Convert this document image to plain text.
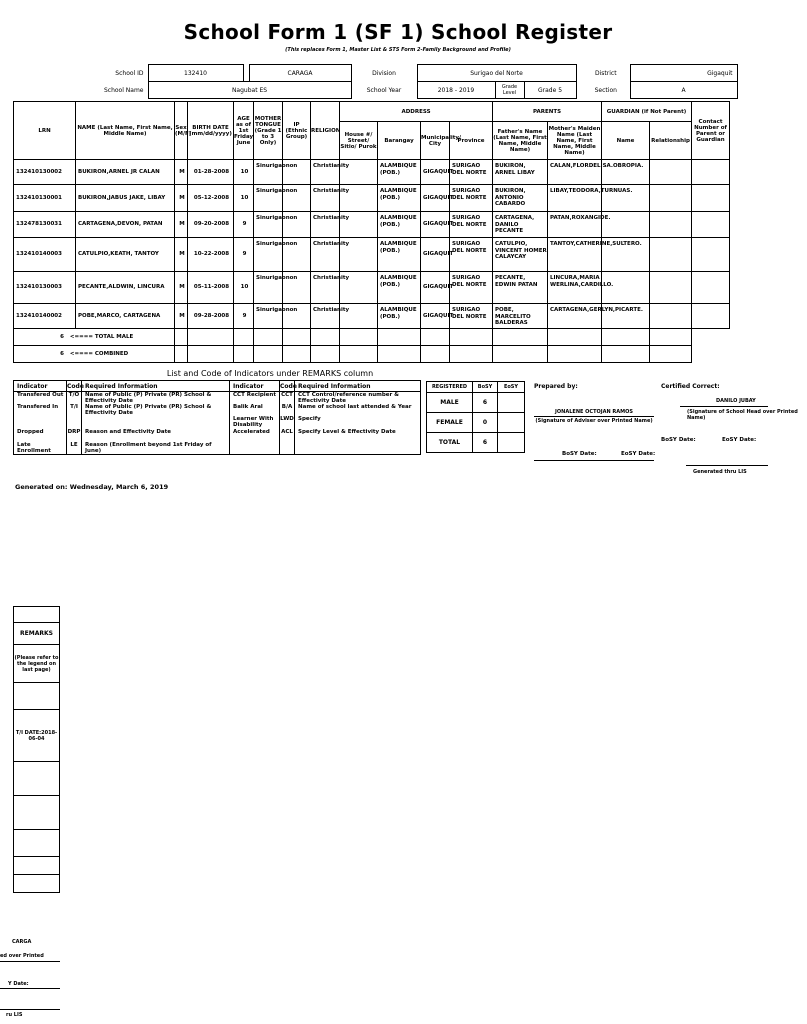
School Form 1 (SF 1) School Register
(This replaces Form 1, Master List & STS Form 2-Family Background and Profile)
School ID	132410		CARAGA		Division		Surigao del Norte				District	Gigaquit
School Name	Nagubat ES				School Year		2018 - 2019	Grade Level	Grade 5		Section	A
LRN	NAME (Last Name, First Name, Middle Name)	Sex (M/F)	BIRTH DATE (mm/dd/yyyy)	AGE as of 1st Friday June	MOTHER TONGUE (Grade 1 to 3 Only)	IP (Ethnic Group)	RELIGION	ADDRESS				PARENTS		GUARDIAN (if Not Parent)		Contact Number of Parent or Guardian
								House #/ Street/ Sitio/ Purok	Barangay	Municipality/ City	Province	Father's Name (Last Name, First Name, Middle Name)	Mother's Maiden Name (Last Name, First Name, Middle Name)	Name	Relationship	
132410130002	BUKIRON,ARNEL JR CALAN	M	01-28-2008	10	Sinurigaonon		Christianity		ALAMBIQUE (POB.)	GIGAQUIT	SURIGAO DEL NORTE	BUKIRON, ARNEL LIBAY	CALAN,FLORDELISA.OBROPIA.			
132410130001	BUKIRON,JABUS JAKE, LIBAY	M	05-12-2008	10	Sinurigaonon		Christianity		ALAMBIQUE (POB.)	GIGAQUIT	SURIGAO DEL NORTE	BUKIRON, ANTONIO CABARDO	LIBAY,TEODORA,TURNUAS.			
132478130031	CARTAGENA,DEVON, PATAN	M	09-20-2008	9	Sinurigaonon		Christianity		ALAMBIQUE (POB.)	GIGAQUIT	SURIGAO DEL NORTE	CARTAGENA, DANILO PECANTE	PATAN,ROXANGIDE.			
132410140003	CATULPIO,KEATH, TANTOY	M	10-22-2008	9	Sinurigaonon		Christianity		ALAMBIQUE (POB.)	GIGAQUIT	SURIGAO DEL NORTE	CATULPIO, VINCENT HOMER CALAYCAY	TANTOY,CATHERINE,SULTERO.			
132410130003	PECANTE,ALDWIN, LINCURA	M	05-11-2008	10	Sinurigaonon		Christianity		ALAMBIQUE (POB.)	GIGAQUIT	SURIGAO DEL NORTE	PECANTE, EDWIN PATAN	LINCURA,MARIA WERLINA,CARDILLO.			
132410140002	POBE,MARCO, CARTAGENA	M	09-28-2008	9	Sinurigaonon		Christianity		ALAMBIQUE (POB.)	GIGAQUIT	SURIGAO DEL NORTE	POBE, MARCELITO BALDERAS	CARTAGENA,GERLYN,PICARTE.			
6 <==== TOTAL MALE																
6 <==== COMBINED																
List and Code of Indicators under REMARKS column
Indicator	Code	Required Information	Indicator	Code	Required Information
Transfered Out	T/O	Name of Public (P) Private (PR) School & Effectivity Date	CCT Recipient	CCT	CCT Control/reference number & Effectivity Date
Transfered In	T/I	Name of Public (P) Private (PR) School & Effectivity Date	Balik Aral	B/A	Name of school last attended & Year
			Learner With Disability	LWD	Specify
Dropped	DRP	Reason and Effectivity Date	Accelerated	ACL	Specify Level & Effectivity Date
Late Enrollment	LE	Reason (Enrollment beyond 1st Friday of June)			
REGISTERED	BoSY	EoSY
MALE	6	
FEMALE	0	
TOTAL	6	
Prepared by:
JONALENE OCTOJAN RAMOS
(Signature of Adviser over Printed Name)
BoSY Date:	EoSY Date:
Certified Correct:
DANILO JUBAY
(Signature of School Head over Printed Name)
BoSY Date:	EoSY Date:
Generated thru LIS
Generated on: Wednesday, March 6, 2019

REMARKS
(Please refer to the legend on last page)

T/I DATE:2018-06-04

CARGA
ed over Printed
Y Date:
ru LIS
